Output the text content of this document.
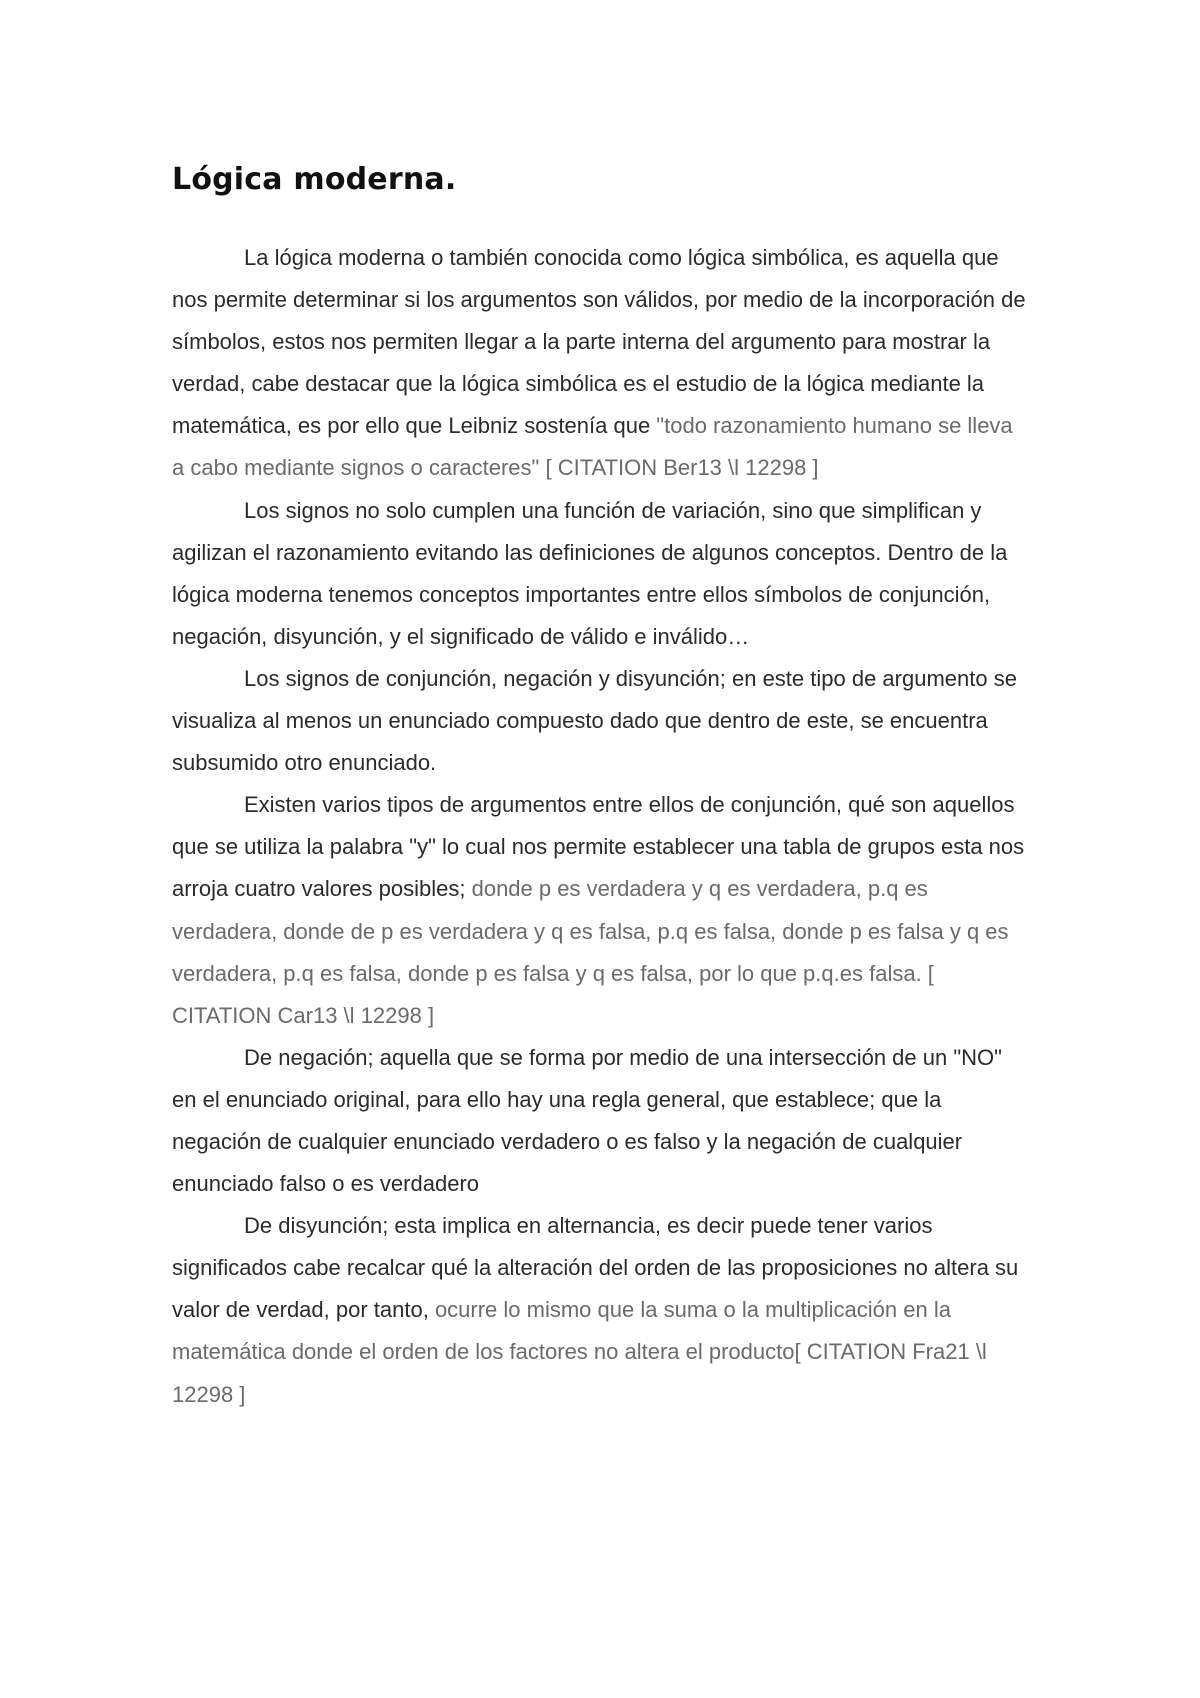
Lógica moderna.

La lógica moderna o también conocida como lógica simbólica, es aquella que nos permite determinar si los argumentos son válidos, por medio de la incorporación de símbolos, estos nos permiten llegar a la parte interna del argumento para mostrar la verdad, cabe destacar que la lógica simbólica es el estudio de la lógica mediante la matemática, es por ello que Leibniz sostenía que "todo razonamiento humano se lleva a cabo mediante signos o caracteres" [ CITATION Ber13 \l 12298 ]

Los signos no solo cumplen una función de variación, sino que simplifican y agilizan el razonamiento evitando las definiciones de algunos conceptos. Dentro de la lógica moderna tenemos conceptos importantes entre ellos símbolos de conjunción, negación, disyunción, y el significado de válido e inválido…

Los signos de conjunción, negación y disyunción; en este tipo de argumento se visualiza al menos un enunciado compuesto dado que dentro de este, se encuentra subsumido otro enunciado.

Existen varios tipos de argumentos entre ellos de conjunción, qué son aquellos que se utiliza la palabra "y" lo cual nos permite establecer una tabla de grupos esta nos arroja cuatro valores posibles; donde p es verdadera y q es verdadera, p.q es verdadera, donde de p es verdadera y q es falsa, p.q es falsa, donde p es falsa y q es verdadera, p.q es falsa, donde p es falsa y q es falsa, por lo que p.q.es falsa. [ CITATION Car13 \l 12298 ]

De negación; aquella que se forma por medio de una intersección de un "NO" en el enunciado original, para ello hay una regla general, que establece; que la negación de cualquier enunciado verdadero o es falso y la negación de cualquier enunciado falso o es verdadero

De disyunción; esta implica en alternancia, es decir puede tener varios significados cabe recalcar qué la alteración del orden de las proposiciones no altera su valor de verdad, por tanto, ocurre lo mismo que la suma o la multiplicación en la matemática donde el orden de los factores no altera el producto[ CITATION Fra21 \l 12298 ]
